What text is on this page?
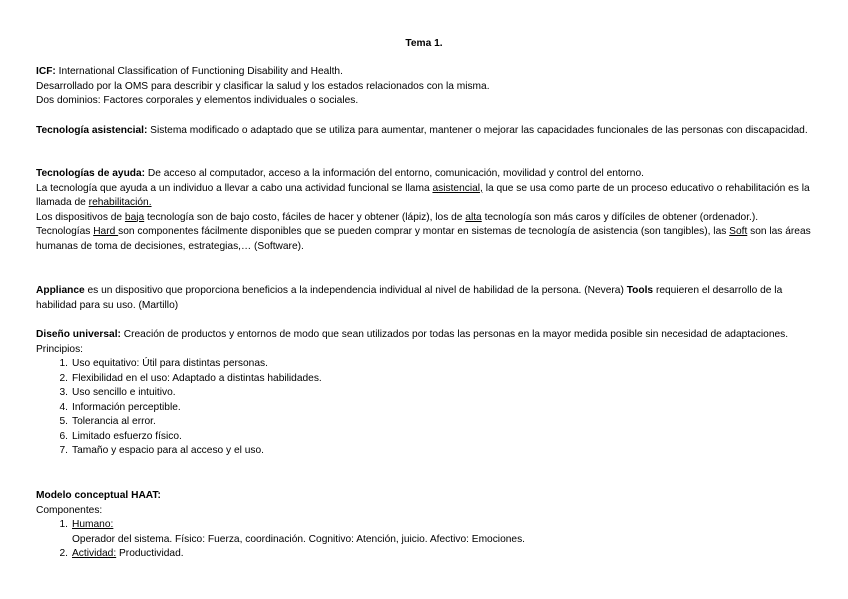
Tema 1.

ICF: International Classification of Functioning Disability and Health.

Desarrollado por la OMS para describir y clasificar la salud y los estados relacionados con la misma.

Dos dominios: Factores corporales y elementos individuales o sociales.

Tecnología asistencial: Sistema modificado o adaptado que se utiliza para aumentar, mantener o mejorar las capacidades funcionales de las personas con discapacidad.

Tecnologías de ayuda: De acceso al computador, acceso a la información del entorno, comunicación, movilidad y control del entorno.

La tecnología que ayuda a un individuo a llevar a cabo una actividad funcional se llama asistencial, la que se usa como parte de un proceso educativo o rehabilitación es la llamada de rehabilitación.

Los dispositivos de baja tecnología son de bajo costo, fáciles de hacer y obtener (lápiz), los de alta tecnología son más caros y difíciles de obtener (ordenador.).

Tecnologías Hard son componentes fácilmente disponibles que se pueden comprar y montar en sistemas de tecnología de asistencia (son tangibles), las Soft son las áreas humanas de toma de decisiones, estrategias,… (Software).

Appliance es un dispositivo que proporciona beneficios a la independencia individual al nivel de habilidad de la persona. (Nevera) Tools requieren el desarrollo de la habilidad para su uso. (Martillo)

Diseño universal: Creación de productos y entornos de modo que sean utilizados por todas las personas en la mayor medida posible sin necesidad de adaptaciones.

Principios:

1. Uso equitativo: Útil para distintas personas.
2. Flexibilidad en el uso: Adaptado a distintas habilidades.
3. Uso sencillo e intuitivo.
4. Información perceptible.
5. Tolerancia al error.
6. Limitado esfuerzo físico.
7. Tamaño y espacio para al acceso y el uso.

Modelo conceptual HAAT:

Componentes:

1. Humano:
Operador del sistema. Físico: Fuerza, coordinación. Cognitivo: Atención, juicio. Afectivo: Emociones.
2. Actividad: Productividad.
